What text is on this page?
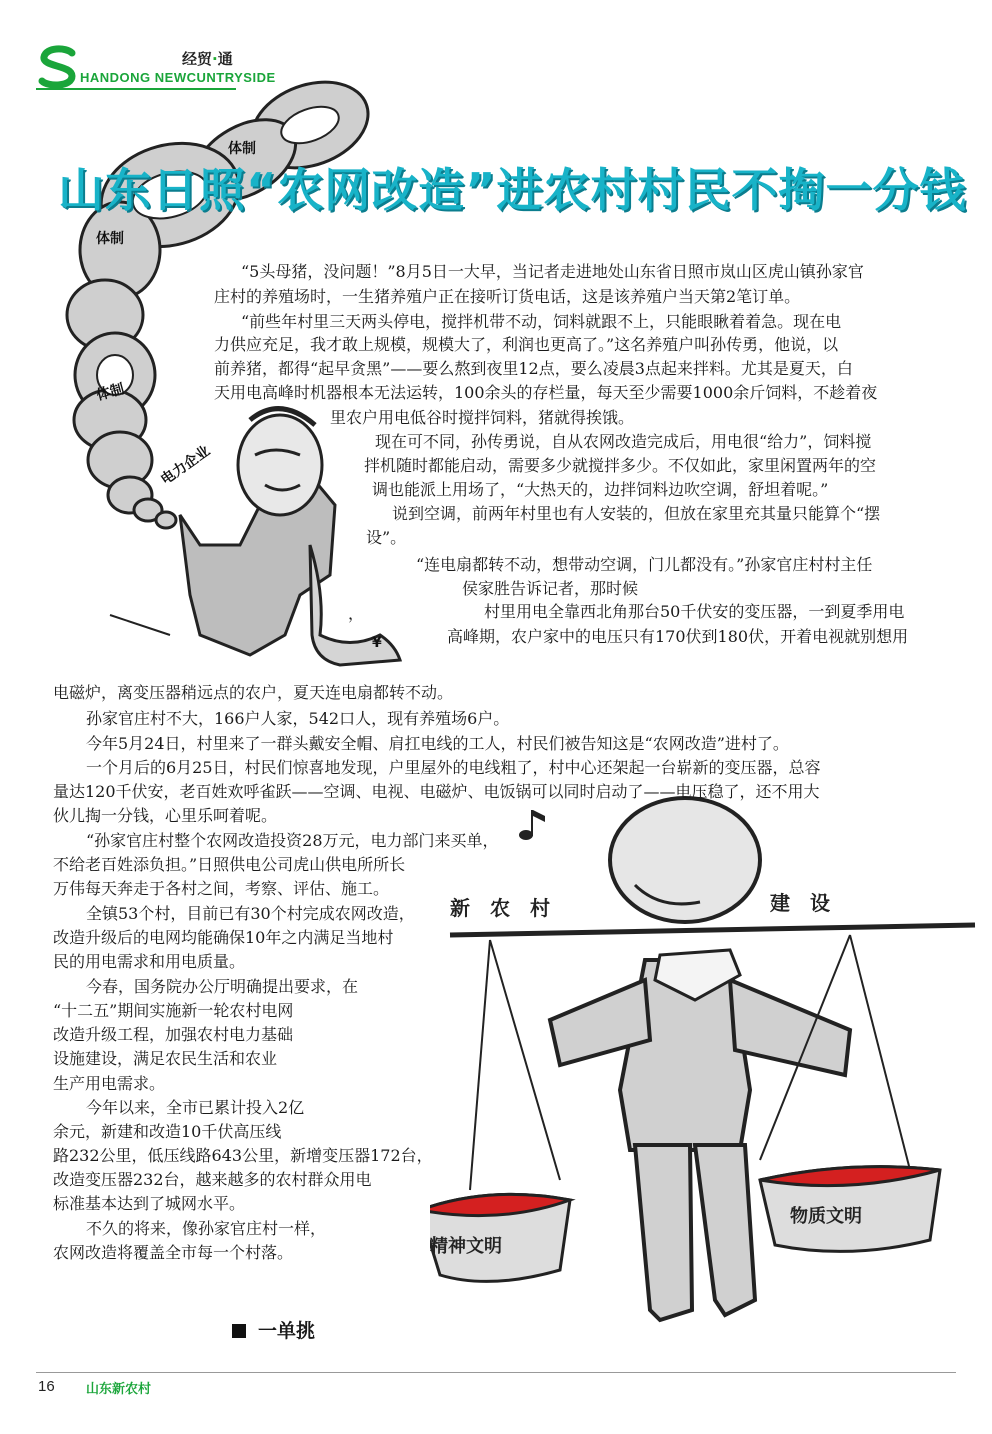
经贸·通
HANDONG NEWCUNTRYSIDE
体制
体制
体制
电力企业
¥
新　农　村	建　设
精神文明
物质文明
山东日照“农网改造”进农村村民不掏一分钱
“5头母猪，没问题！”8月5日一大早，当记者走进地处山东省日照市岚山区虎山镇孙家官
庄村的养殖场时，一生猪养殖户正在接听订货电话，这是该养殖户当天第2笔订单。
“前些年村里三天两头停电，搅拌机带不动，饲料就跟不上，只能眼瞅着着急。现在电
力供应充足，我才敢上规模，规模大了，利润也更高了。”这名养殖户叫孙传勇，他说，以
前养猪，都得“起早贪黑”——要么熬到夜里12点，要么凌晨3点起来拌料。尤其是夏天，白
天用电高峰时机器根本无法运转，100余头的存栏量，每天至少需要1000余斤饲料，不趁着夜
里农户用电低谷时搅拌饲料，猪就得挨饿。
现在可不同，孙传勇说，自从农网改造完成后，用电很“给力”，饲料搅
拌机随时都能启动，需要多少就搅拌多少。不仅如此，家里闲置两年的空
调也能派上用场了，“大热天的，边拌饲料边吹空调，舒坦着呢。”
说到空调，前两年村里也有人安装的，但放在家里充其量只能算个“摆
设”。
“连电扇都转不动，想带动空调，门儿都没有。”孙家官庄村村主任
侯家胜告诉记者，那时候
，	村里用电全靠西北角那台50千伏安的变压器，一到夏季用电
高峰期，农户家中的电压只有170伏到180伏，开着电视就别想用
电磁炉，离变压器稍远点的农户，夏天连电扇都转不动。
孙家官庄村不大，166户人家，542口人，现有养殖场6户。
今年5月24日，村里来了一群头戴安全帽、肩扛电线的工人，村民们被告知这是“农网改造”进村了。
一个月后的6月25日，村民们惊喜地发现，户里屋外的电线粗了，村中心还架起一台崭新的变压器，总容
量达120千伏安，老百姓欢呼雀跃——空调、电视、电磁炉、电饭锅可以同时启动了——电压稳了，还不用大
伙儿掏一分钱，心里乐呵着呢。
“孙家官庄村整个农网改造投资28万元，电力部门来买单，
不给老百姓添负担。”日照供电公司虎山供电所所长
万伟每天奔走于各村之间，考察、评估、施工。
全镇53个村，目前已有30个村完成农网改造，
改造升级后的电网均能确保10年之内满足当地村
民的用电需求和用电质量。
今春，国务院办公厅明确提出要求，在
“十二五”期间实施新一轮农村电网
改造升级工程，加强农村电力基础
设施建设，满足农民生活和农业
生产用电需求。
今年以来，全市已累计投入2亿
余元，新建和改造10千伏高压线
路232公里，低压线路643公里，新增变压器172台，
改造变压器232台，越来越多的农村群众用电
标准基本达到了城网水平。
不久的将来，像孙家官庄村一样，
农网改造将覆盖全市每一个村落。
一单挑
16 山东新农村
